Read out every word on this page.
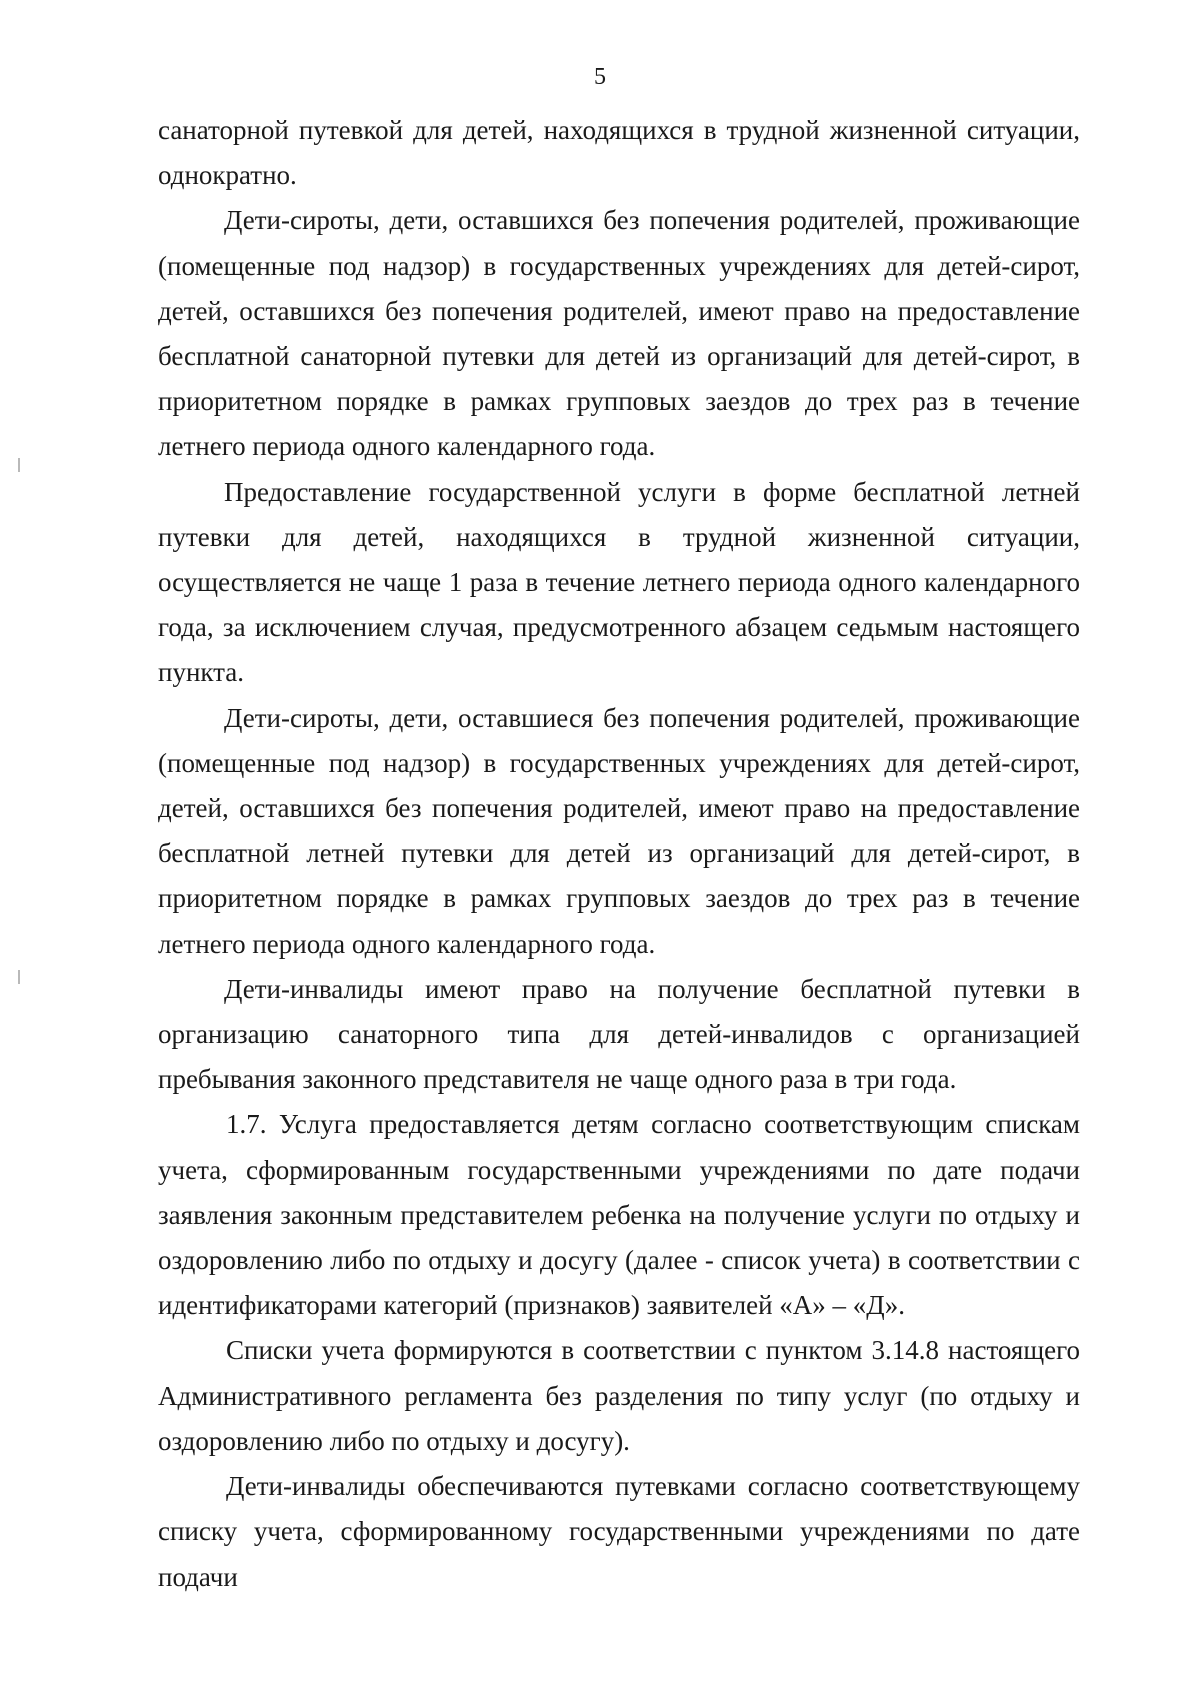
5

санаторной путевкой для детей, находящихся в трудной жизненной ситуации, однократно.

Дети-сироты, дети, оставшихся без попечения родителей, проживающие (помещенные под надзор) в государственных учреждениях для детей-сирот, детей, оставшихся без попечения родителей, имеют право на предоставление бесплатной санаторной путевки для детей из организаций для детей-сирот, в приоритетном порядке в рамках групповых заездов до трех раз в течение летнего периода одного календарного года.

Предоставление государственной услуги в форме бесплатной летней путевки для детей, находящихся в трудной жизненной ситуации, осуществляется не чаще 1 раза в течение летнего периода одного календарного года, за исключением случая, предусмотренного абзацем седьмым настоящего пункта.

Дети-сироты, дети, оставшиеся без попечения родителей, проживающие (помещенные под надзор) в государственных учреждениях для детей-сирот, детей, оставшихся без попечения родителей, имеют право на предоставление бесплатной летней путевки для детей из организаций для детей-сирот, в приоритетном порядке в рамках групповых заездов до трех раз в течение летнего периода одного календарного года.

Дети-инвалиды имеют право на получение бесплатной путевки в организацию санаторного типа для детей-инвалидов с организацией пребывания законного представителя не чаще одного раза в три года.

1.7. Услуга предоставляется детям согласно соответствующим спискам учета, сформированным государственными учреждениями по дате подачи заявления законным представителем ребенка на получение услуги по отдыху и оздоровлению либо по отдыху и досугу (далее - список учета) в соответствии с идентификаторами категорий (признаков) заявителей «А» – «Д».

Списки учета формируются в соответствии с пунктом 3.14.8 настоящего Административного регламента без разделения по типу услуг (по отдыху и оздоровлению либо по отдыху и досугу).

Дети-инвалиды обеспечиваются путевками согласно соответствующему списку учета, сформированному государственными учреждениями по дате подачи
